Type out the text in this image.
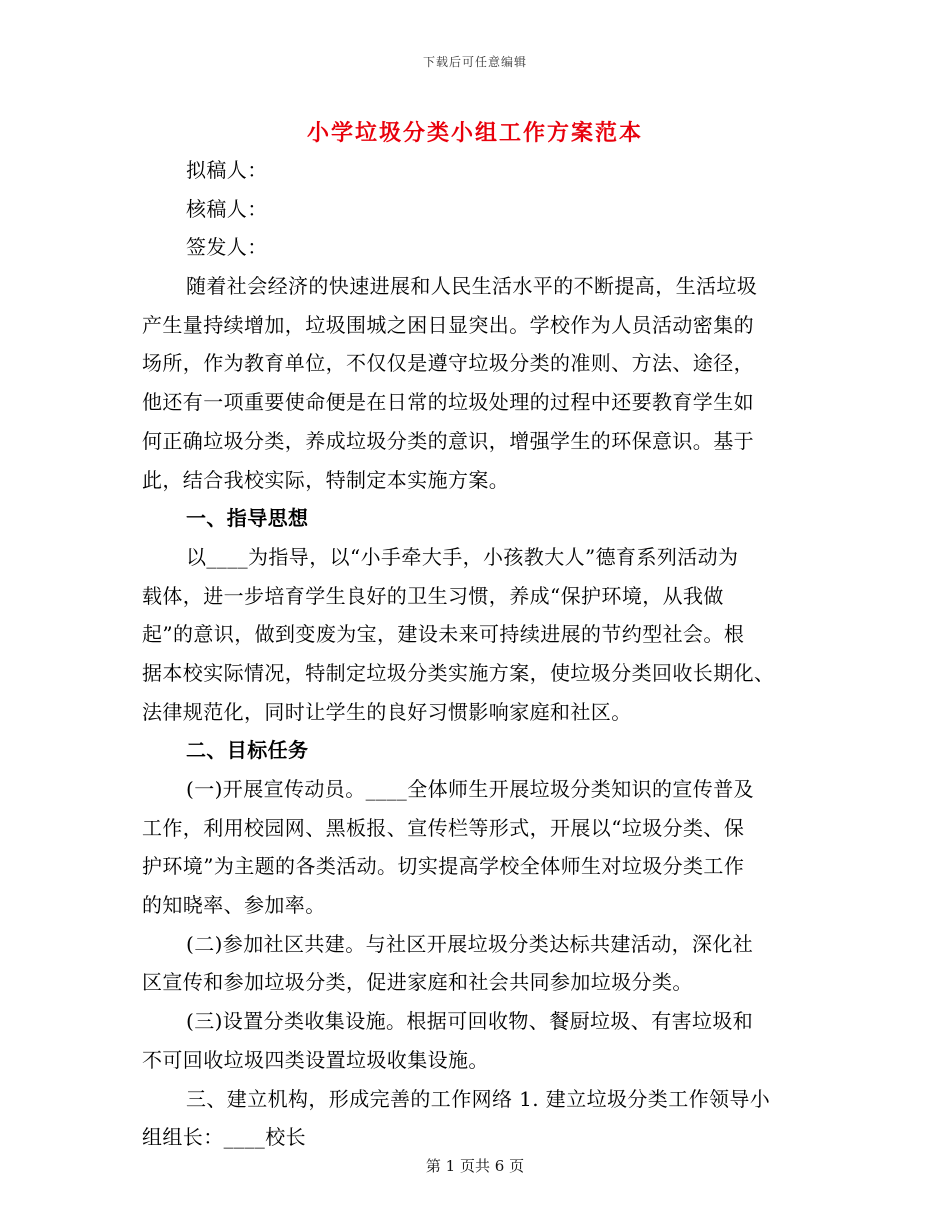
下载后可任意编辑
小学垃圾分类小组工作方案范本
拟稿人：
核稿人：
签发人：
随着社会经济的快速进展和人民生活水平的不断提高，生活垃圾
产生量持续增加，垃圾围城之困日显突出。学校作为人员活动密集的
场所，作为教育单位，不仅仅是遵守垃圾分类的准则、方法、途径，
他还有一项重要使命便是在日常的垃圾处理的过程中还要教育学生如
何正确垃圾分类，养成垃圾分类的意识，增强学生的环保意识。基于
此，结合我校实际，特制定本实施方案。
一、指导思想
以____为指导，以“小手牵大手，小孩教大人”德育系列活动为
载体，进一步培育学生良好的卫生习惯，养成“保护环境，从我做
起”的意识，做到变废为宝，建设未来可持续进展的节约型社会。根
据本校实际情况，特制定垃圾分类实施方案，使垃圾分类回收长期化、
法律规范化，同时让学生的良好习惯影响家庭和社区。
二、目标任务
(一)开展宣传动员。____全体师生开展垃圾分类知识的宣传普及
工作，利用校园网、黑板报、宣传栏等形式，开展以“垃圾分类、保
护环境”为主题的各类活动。切实提高学校全体师生对垃圾分类工作
的知晓率、参加率。
(二)参加社区共建。与社区开展垃圾分类达标共建活动，深化社
区宣传和参加垃圾分类，促进家庭和社会共同参加垃圾分类。
(三)设置分类收集设施。根据可回收物、餐厨垃圾、有害垃圾和
不可回收垃圾四类设置垃圾收集设施。
三、建立机构，形成完善的工作网络 1. 建立垃圾分类工作领导小
组组长：____校长
第 1 页共 6 页
